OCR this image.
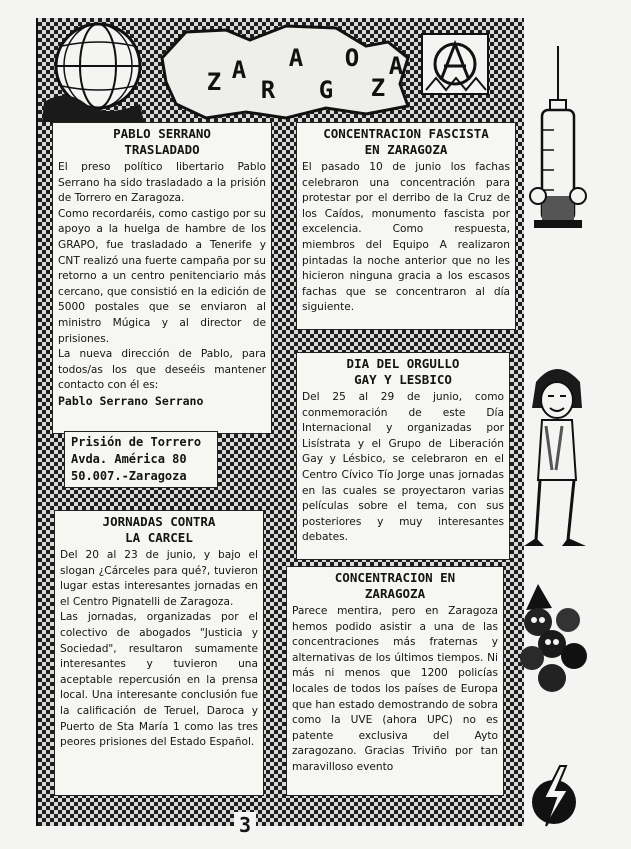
Z A
R
A
G
O
Z
A

PABLO SERRANO
TRASLADADO

El preso político libertario Pablo Serrano ha sido trasladado a la prisión de Torrero en Zaragoza.
Como recordaréis, como castigo por su apoyo a la huelga de hambre de los GRAPO, fue trasladado a Tenerife y CNT realizó una fuerte campaña por su retorno a un centro penitenciario más cercano, que consistió en la edición de 5000 postales que se enviaron al ministro Múgica y al director de prisiones.
La nueva dirección de Pablo, para todos/as los que deseéis mantener contacto con él es:

Pablo Serrano Serrano

Prisión de Torrero
Avda. América 80
50.007.-Zaragoza

CONCENTRACION FASCISTA
EN ZARAGOZA

El pasado 10 de junio los fachas celebraron una concentración para protestar por el derribo de la Cruz de los Caídos, monumento fascista por excelencia. Como respuesta, miembros del Equipo A realizaron pintadas la noche anterior que no les hicieron ninguna gracia a los escasos fachas que se concentraron al día siguiente.

DIA DEL ORGULLO
GAY Y LESBICO

Del 25 al 29 de junio, como conmemoración de este Día Internacional y organizadas por Lisístrata y el Grupo de Liberación Gay y Lésbico, se celebraron en el Centro Cívico Tío Jorge unas jornadas en las cuales se proyectaron varias películas sobre el tema, con sus posteriores y muy interesantes debates.

JORNADAS CONTRA
LA CARCEL

Del 20 al 23 de junio, y bajo el slogan ¿Cárceles para qué?, tuvieron lugar estas interesantes jornadas en el Centro Pignatelli de Zaragoza.
Las jornadas, organizadas por el colectivo de abogados "Justicia y Sociedad", resultaron sumamente interesantes y tuvieron una aceptable repercusión en la prensa local. Una interesante conclusión fue la calificación de Teruel, Daroca y Puerto de Sta María 1 como las tres peores prisiones del Estado Español.

CONCENTRACION EN
ZARAGOZA

Parece mentira, pero en Zaragoza hemos podido asistir a una de las concentraciones más fraternas y alternativas de los últimos tiempos. Ni más ni menos que 1200 policías locales de todos los países de Europa que han estado demostrando de sobra como la UVE (ahora UPC) no es patente exclusiva del Ayto zaragozano. Gracias Triviño por tan maravilloso evento

3
